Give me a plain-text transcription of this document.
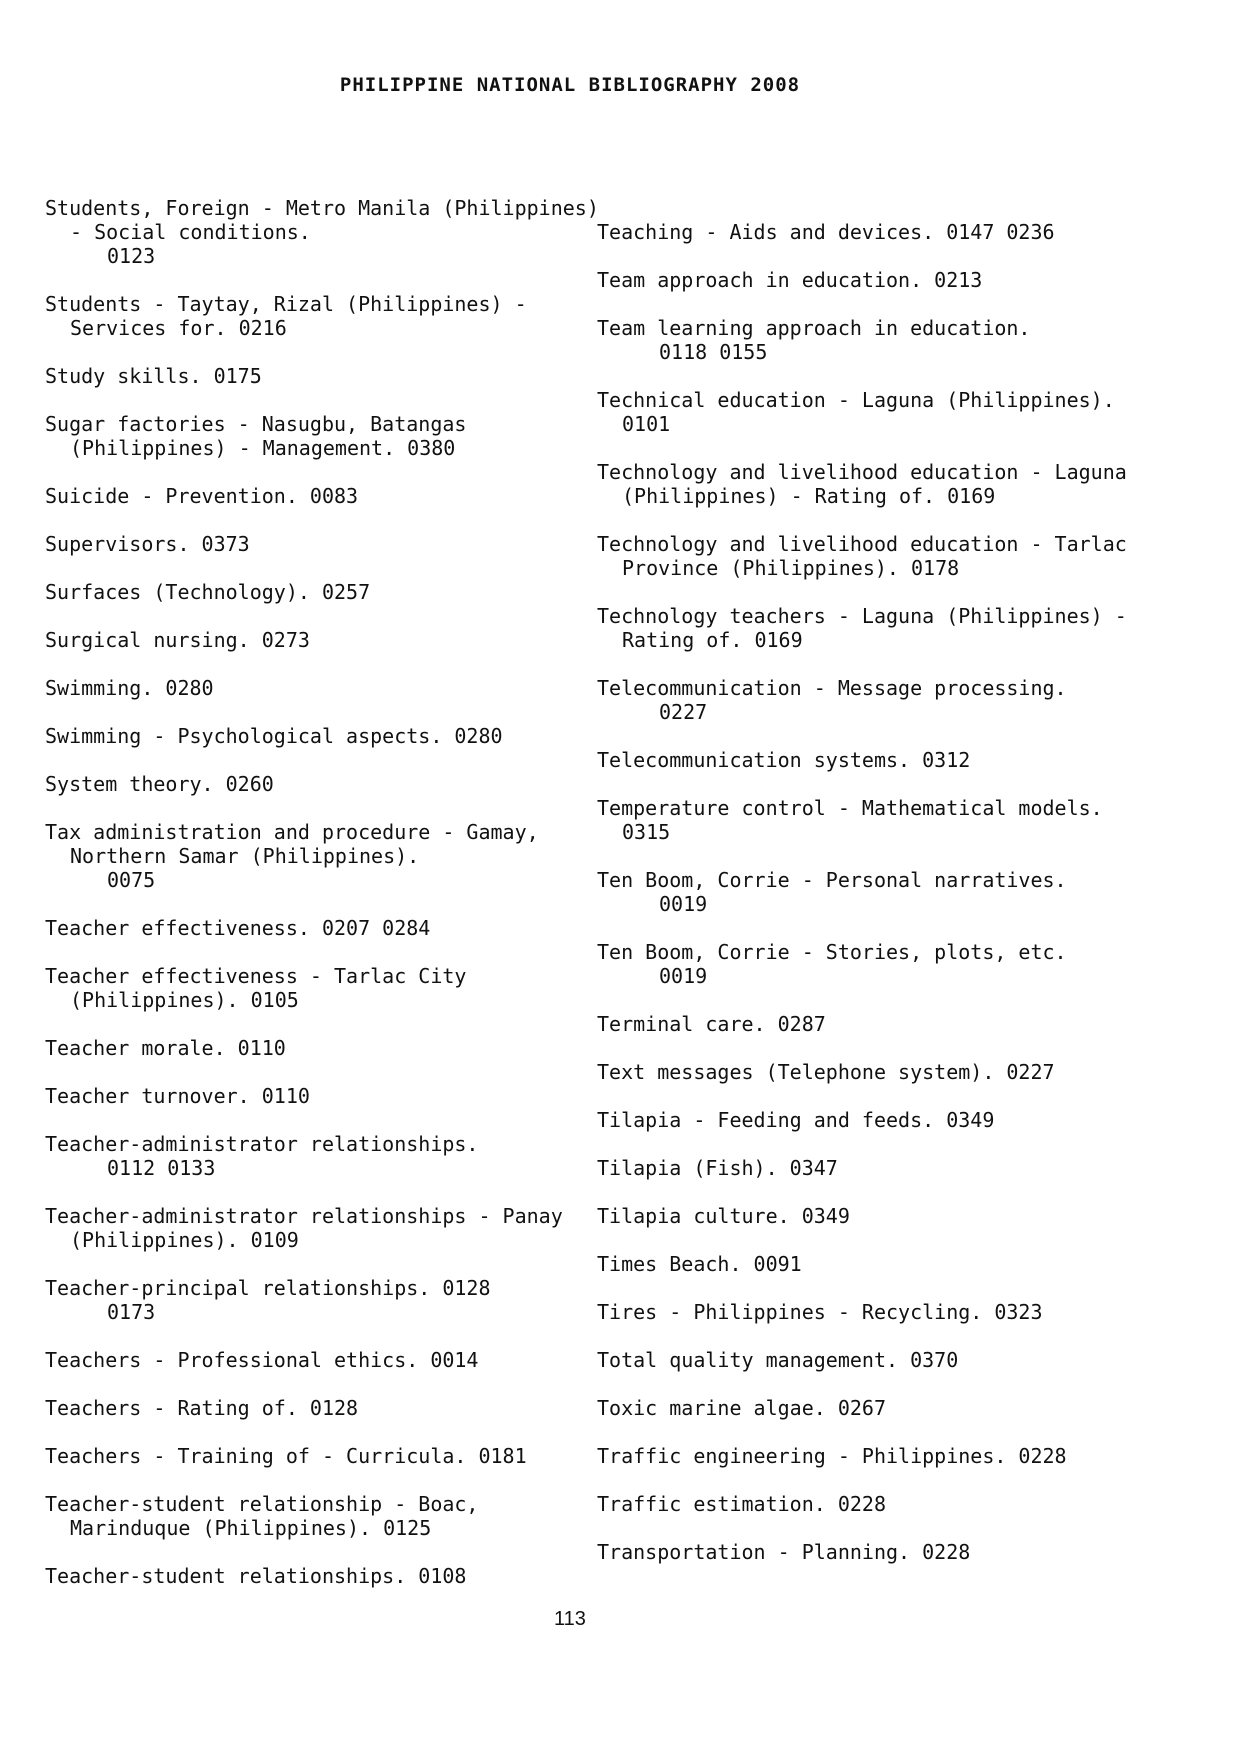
PHILIPPINE NATIONAL BIBLIOGRAPHY 2008
Students, Foreign - Metro Manila (Philippines) - Social conditions.
0123
Students - Taytay, Rizal (Philippines) - Services for. 0216
Study skills. 0175
Sugar factories - Nasugbu, Batangas (Philippines) - Management. 0380
Suicide - Prevention. 0083
Supervisors. 0373
Surfaces (Technology). 0257
Surgical nursing. 0273
Swimming. 0280
Swimming - Psychological aspects. 0280
System theory. 0260
Tax administration and procedure - Gamay, Northern Samar (Philippines).
0075
Teacher effectiveness. 0207 0284
Teacher effectiveness - Tarlac City (Philippines). 0105
Teacher morale. 0110
Teacher turnover. 0110
Teacher-administrator relationships.
0112 0133
Teacher-administrator relationships - Panay (Philippines). 0109
Teacher-principal relationships. 0128
0173
Teachers - Professional ethics. 0014
Teachers - Rating of. 0128
Teachers - Training of - Curricula. 0181
Teacher-student relationship - Boac, Marinduque (Philippines). 0125
Teacher-student relationships. 0108
Teaching - Aids and devices. 0147 0236
Team approach in education. 0213
Team learning approach in education.
0118 0155
Technical education - Laguna (Philippines). 0101
Technology and livelihood education - Laguna (Philippines) - Rating of. 0169
Technology and livelihood education - Tarlac Province (Philippines). 0178
Technology teachers - Laguna (Philippines) - Rating of. 0169
Telecommunication - Message processing.
0227
Telecommunication systems. 0312
Temperature control - Mathematical models. 0315
Ten Boom, Corrie - Personal narratives.
0019
Ten Boom, Corrie - Stories, plots, etc.
0019
Terminal care. 0287
Text messages (Telephone system). 0227
Tilapia - Feeding and feeds. 0349
Tilapia (Fish). 0347
Tilapia culture. 0349
Times Beach. 0091
Tires - Philippines - Recycling. 0323
Total quality management. 0370
Toxic marine algae. 0267
Traffic engineering - Philippines. 0228
Traffic estimation. 0228
Transportation - Planning. 0228
113
